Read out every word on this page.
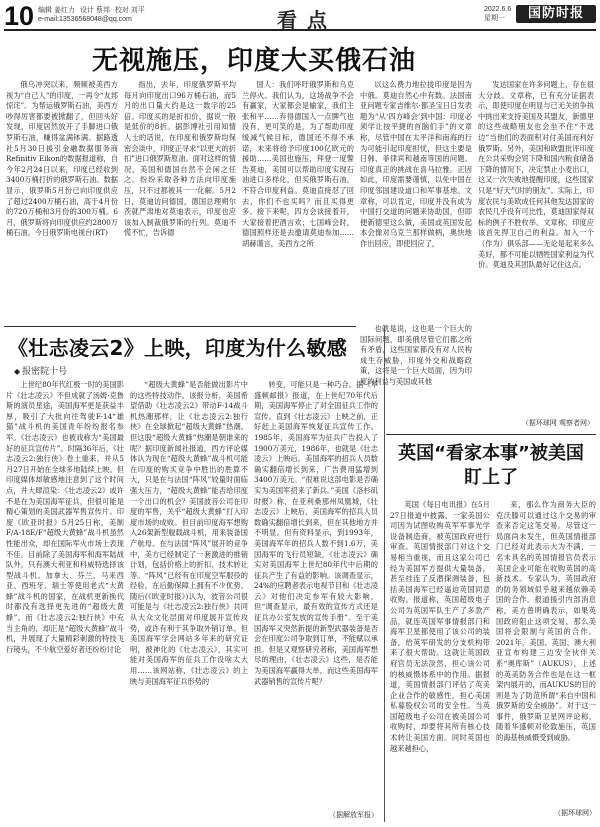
10 编辑 姜红力 设计 蔡邦 校对 刘平
e-mail:13536568048@qq.com	看点	2022.6.6
星期一	国防时报
无视施压，印度大买俄石油

俄乌冲突以来，频频被美西方视为“自己人”的印度，一再令“友邦惊诧”。为帮运俄罗斯石油，美西方吵得厉害都要被掀翻了，但回头好发现，印度居然放开了手脚进口俄罗斯石油，赚得盆满钵满。据路透社5月30日援引金融数据服务商Refinitiv Eikon的数据报道称，自今年2月24日以来，印度已经收到3400万桶打折的俄罗斯石油。数据显示，俄罗斯5月份已向印度供应了超过2400万桶石油，高于4月份的720万桶和3月份的300万桶。6月，俄罗斯将向印度供应约2800万桶石油。今日俄罗斯电视台(RT)

指出，去年，印度俄罗斯平均每月向印度出口96万桶石油，而5月的出口量大约是这一数字的25倍。印度买的是折扣价，据说一般是低价的8折。据彭博社引用知情人士的话说，在印度和俄罗斯均保密会谈中，印度正寻求“以更大的折扣”进口俄罗斯原油。面对这样的情况，美国和德国自然不会闲之任之。纷纷采取各种方法向印度施压，只不过都被其一一化解。5月2日，莫迪访问德国，德国总理朔尔茨就严肃地对莫迪表示，印度也应该加入制裁俄罗斯的行列。莫迪不慌不忙，告诉德

国人：我们呼吁俄罗斯和乌克兰停火。我们认为，这场战争不会有赢家，大家都会是输家，我们主张和平……弃得德国人一点脾气也没有，更可笑的是，为了帮助印度缓减气候目标，德国还不得不承诺，未来将给予印度100亿欧元的援助……美国也施压，拜登一度警告莫迪，美国可以帮助印度实现石油进口多样化，但买俄罗斯石油，不符合印度利益。莫迪直接怼了回去，你们不也买吗？而且买得更多。接下来呢，四方会谈接着开，大家接着把酒言欢；七国峰会时，德国照样还是去邀请莫迪参加……胡赫谨言，美西方之所

以这么费力地拉拢印度是因为中俄。莫迪自然心中有数。法国南亚问题专家吉维尔·都圣宝日日发表题为“从‘四方峰会’到中国：印度必须学让按平捷的首脑们手”的文章称，尽管中国在太平洋和南海的行为可能引起印度担忧，但这主要是日韩、菲律宾和越南等国的问题。印度真正的挑战在喜马拉雅。正因如此，印度需要谨慎，以免中国在印度邻国建设道口和军事基地。文章称，可以肯定，印度并没有成为中国打交道的问题来协助国，但即便新德里这么做，美国或英国发起本会像对乌克兰那样做柄，奥快地作出回应，即使回应了，

也就是说，这也是一个巨大的国际问题，即美俄尽管它们都之所有矛盾，这些国家都没有对人民构成生存威胁，印度外交和战略政策，这将是一个巨大局面，因为印度的利益与美国或其他

发达国家在许多问题上，存在很大分歧。文章称，已有充分证据表示，即使印度在明显与已无关的争执中挑出来支持美国及其盟友，新德里的这些战略朋友也会坐不住“不选边”当他们的表面积对付美国而利好俄罗斯。另外，美国和欧盟批评印度在公共采购会贸下降和国内粮食储备下降的情况下，决定禁止小麦出口，这又一次失败地提醒印度，这些国家只是“好天气时的朋友”。实际上，印度农民与美欧成任何其他发达国家的农民几乎没有可比性，莫迪国家得双标的例子不胜枚举。文章称，印度应该首先捍卫自己的利益。加入一个（作为）俱乐部——无论是起来多么美好，都不可能以牺牲国家利益为代价。莫迪及其团队最好记住这点。

（据环球网 观察者网）
《壮志凌云2》上映，印度为什么敏感
◆ 报密院十号

上世纪80年代红极一时的美国影片《壮志凌云》不但成就了汤姆·克鲁斯的演员星途，美国海军更是获益丰厚，吸引了大批向往驾驶F-14“雄猫”战斗机的美国青年纷纷报名参军。《壮志凌云》也被戏称为“美国最好的征兵宣传片”。时隔36年后，《壮志凌云2:独行侠》卷土重来，并从5月27日开始在全球多地陆续上映。但印度媒体却敏感地注意到了这个时间点，并大肆渲染：《壮志凌云2》或许不是在为美国海军征兵，但很可能是精心策划的美国武器军售宣传片。印度《欧亚时报》5月25日称，美制F/A-18E/F“超级大黄蜂”战斗机虽然性能出众，却在国际军火市场上表现不佳。目前除了美国海军和海军陆战队外，只有澳大利亚和科威特选择该型战斗机。加拿大、芬兰、马来西亚、西班牙、瑞士等使用老式“大黄蜂”战斗机的国家，在战机更新换代时都没有选择更先进的“超级大黄蜂”。而《壮志凌云2:独行侠》中充当主角的，却正是“超级大黄蜂”战斗机，并展现了大量精彩刺激的特技飞行镜头，不少航空爱好者还纷纷讨论

“超级大黄蜂”是否能做出影片中的这些特技动作。该报分析，美国希望借助《壮志凌云2》带动F-14战斗机热潮那样，让《壮志凌云2:独行侠》在全球掀起“超级大黄蜂”热潮。但这股“超级大黄蜂”热潮是朝谁来的呢？据印度新闻社报道，西方评论媒体认为现在“超级大黄蜂”战斗机可能在印度的购买竞争中胜出的胜算不大，只是在与法国“阵风”较量时面临强大压力，“超级大黄蜂”能否给印度一个出口的机会？美国波音公司在印度的军售，关乎“超级大黄蜂”打入印度市场的成败。但目前印度海军想购入26架新型舰载战斗机，用来装备国产航母。在与法国“阵风”展开的竞争中，美方已经制定了一套激进的推销计划，包括价格上的折扣、技术转让等。“阵风”已经有在印度空军服役的经验，在后勤保障上拥有不少优势。随后(《欧亚时报》)认为，波音公司很可能是与《壮志凌云2:独行侠》共同从大众文化层面对印度展开宣传攻势，或许有利于其争取外销订单。但美国海军学会网站多年来的研究证明，被神化的《壮志凌云》，其实可能对美国海军的征兵工作没啥太大用……该网站称，《壮志凌云》的上映与美国海军征兵形势的

转变，可能只是一种巧合。据《华盛顿邮报》报道，在上世纪70年代后期，美国海军停止了对全国征兵工作的宣传。直到《壮志凌云》上映之前，正好赶上美国海军恢复征兵宣传工作。1985年，美国海军为征兵广告投入了1900万美元，1986年，也就是《壮志凌云》上映后，美国海军的招兵人员数确实翻倍增长到来，广告费用猛增到3400万美元。“很难说这部电影是否确实为美国军招来了新兵。”美国《洛杉矶时报》称，在亚利桑那州凤凰城，《壮志凌云》上映后，美国海军的招兵人员数确实翻倍增长到来，但在其他地方并不明显。但有资料显示，到1993年，美国海军年的招兵人数不到1.6万，美国海军的飞行员短缺，《壮志凌云》确实对美国海军上世纪80年代中后期的征兵产生了有益的影响。该调查显示，24%的应聘者表示电视节目和《壮志凌云》对他们决定参军有较大影响，但“调查显示，最有效的宣传方式还是征兵办公室发放的宣传手册”。至于美国海军又突然新提的新型武器装备是否会在印度公司争取到订单，不能赋以承担。但是又观察研究者称，美国海军想尽的理由，《壮志凌云》这些，是否能为美国海军赢得大单，而这些美国海军武器销售的宣传片呢？

（据解放军报）
英国“看家本事”被美国盯上了

英国《每日电讯报》在5月27日报道中披露，一家美国公司因为试图收购英军军事光学设备制造商，被英国政府进行审查。英国情报部门对这个交易相当重视，而且这家公司已经为美国军方提供大量装备，甚至挂连了反潜探测装备，包括美国海军已经逼迫英国同意收购。报道称，英国超级电子公司为英国军队生产了多款产品，就连英国军事情报部门和海军卫星都使用了该公司的装备，给英军研发的分支机构带来了很大帮助。这就让英国政府官员无法淡然，担心该公司的核威慑体系中的作用。据报道，英国情报部门评估了英美企业合作的敏感性，担心美国私募股权公司的安全性。当英国超级电子公司在被美国公司收购时，却要将其所有核心技术转让美国方面。同时英国也越来越担心，

来，那么作为商务大臣的克沃滕可以通过这个交易的审查来否定这笔交易。尽管这一局面尚未发生，但英国情报部门已经对此表示大为不满，一名未具名的英国情报官员表示美国企业可能在收购英国的高新技术。专家认为，英国政府的防务领域似乎越来越依赖美国的合作。报道援引内部消息称，美方曾明确表示，如果英国政府阻止这项交易，那么美国将会限制与英国的合作。2021年，美国、英国、澳大利亚宣布构建三边安全伙伴关系“奥库斯”（AUKUS），上述的英美防务合作也是在这一框架内展开的，而AUKUS的目的则是为了防范所谓“来自中国和俄罗斯的安全威胁”。对于这一事件，俄罗斯卫星网评论称，随着华盛顿对伦敦施压，英国的海基核威慑受到威胁。

（据环球网）
